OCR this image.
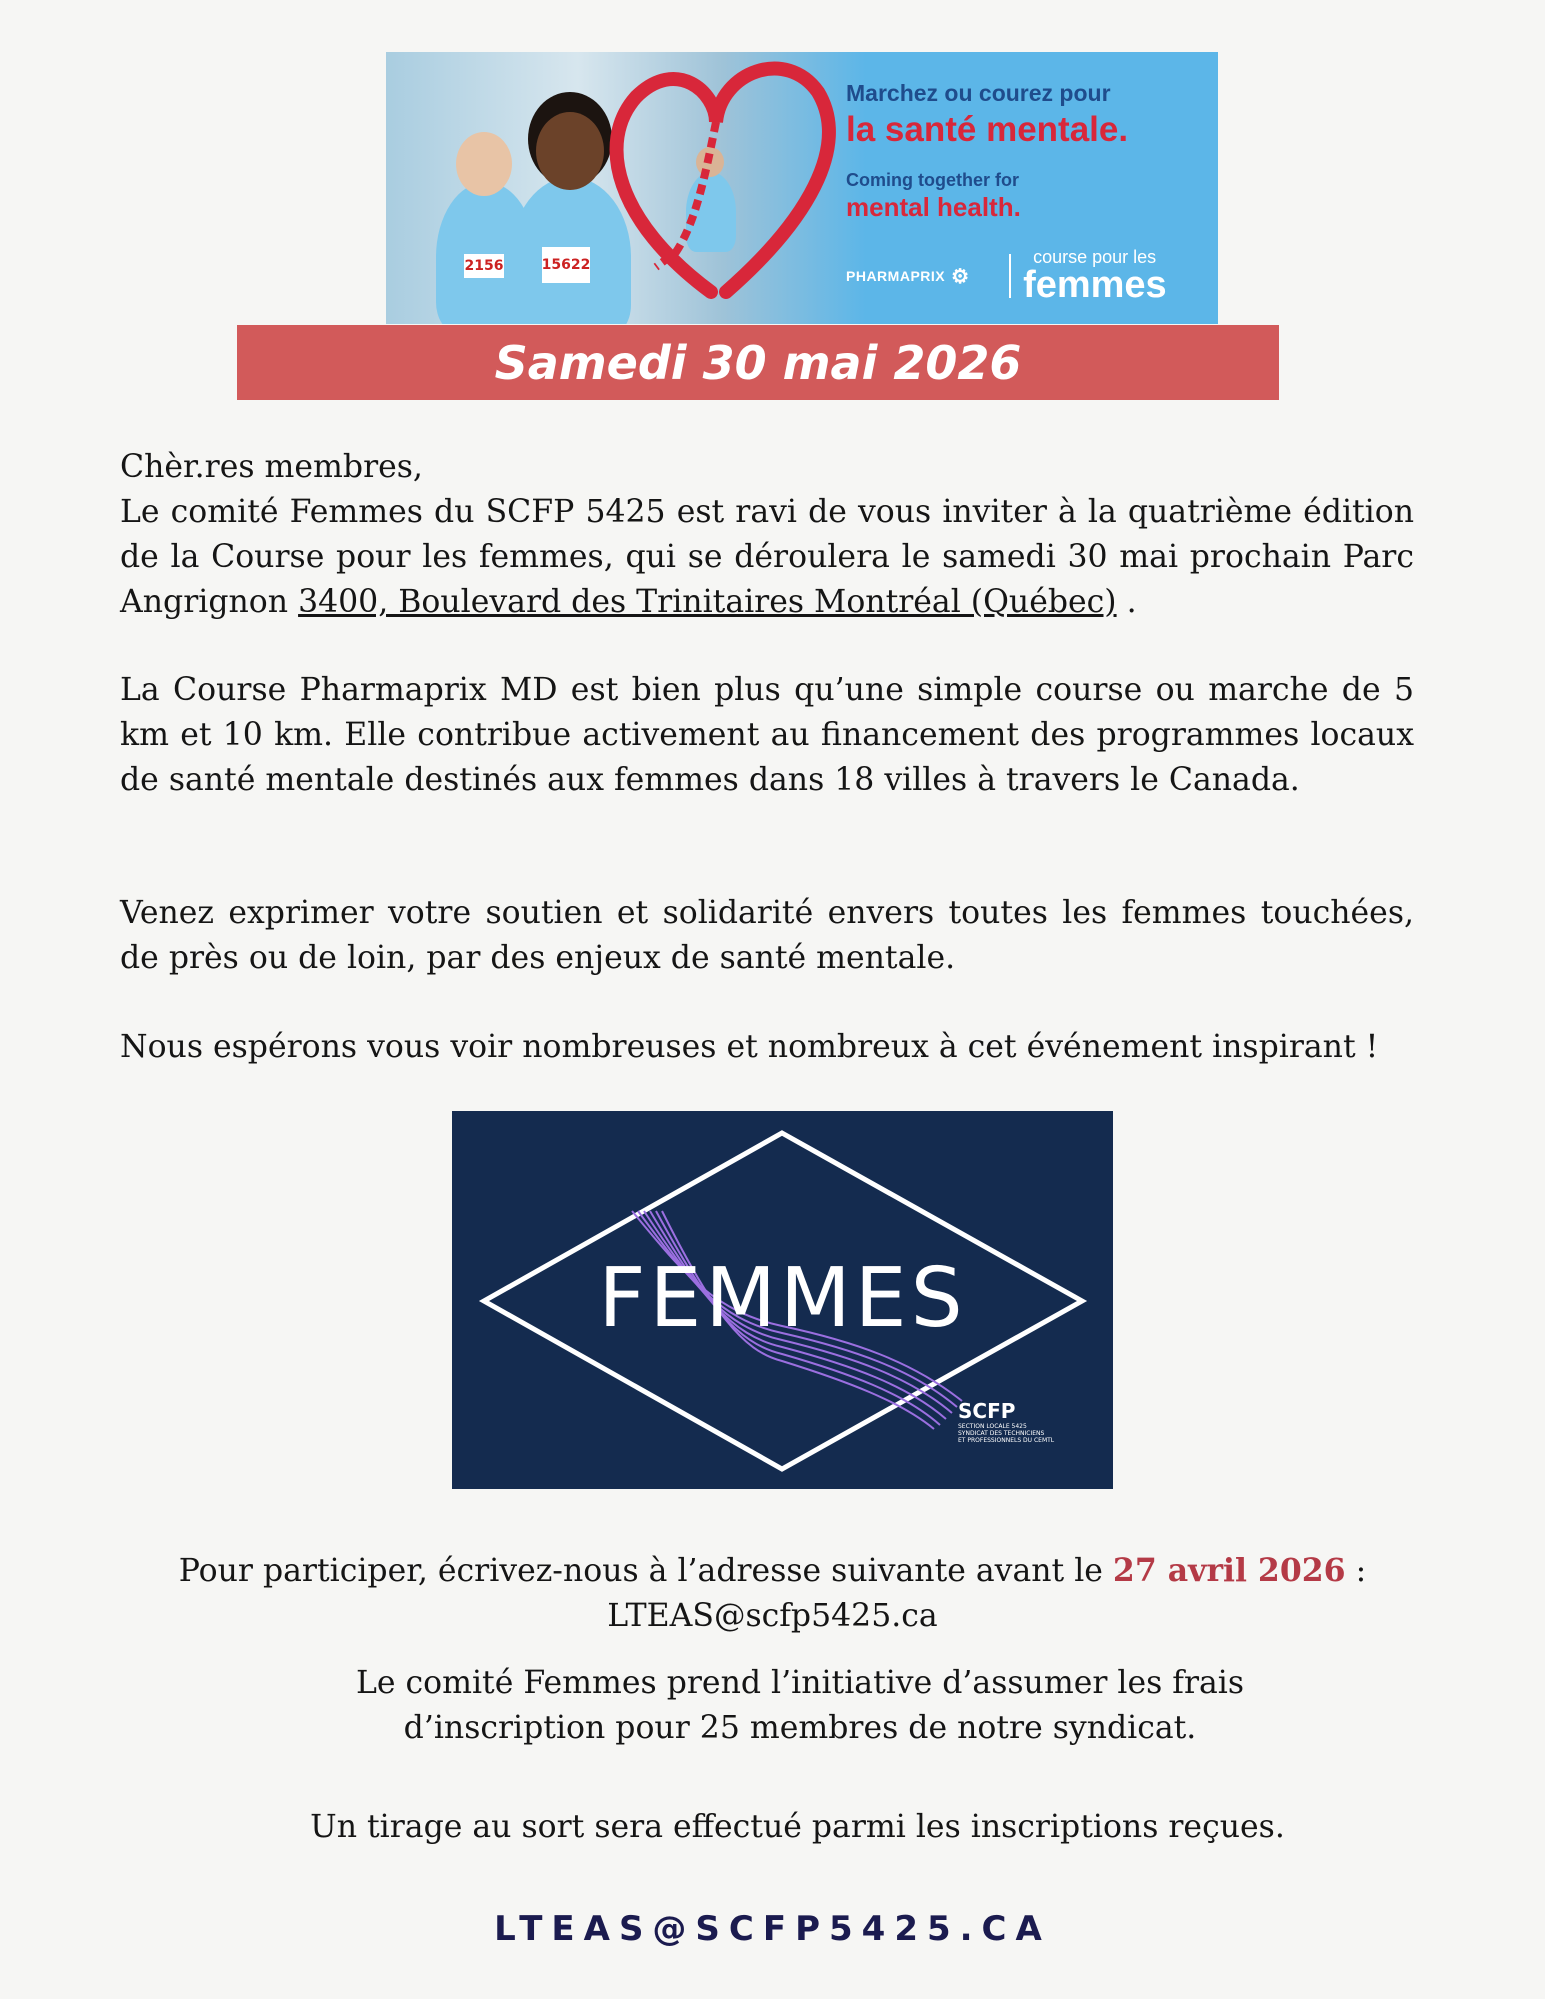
2156	15622
Marchez ou courez pour
la santé mentale.
Coming together for
mental health.
PHARMAPRIX ⚙
course pour les
femmes
Samedi 30 mai 2026

Chèr.res membres,

Le comité Femmes du SCFP 5425 est ravi de vous inviter à la quatrième édition de la Course pour les femmes, qui se déroulera le samedi 30 mai prochain Parc Angrignon 3400, Boulevard des Trinitaires Montréal (Québec) .

La Course Pharmaprix MD est bien plus qu’une simple course ou marche de 5 km et 10 km. Elle contribue activement au financement des programmes locaux de santé mentale destinés aux femmes dans 18 villes à travers le Canada.

Venez exprimer votre soutien et solidarité envers toutes les femmes touchées, de près ou de loin, par des enjeux de santé mentale.

Nous espérons vous voir nombreuses et nombreux à cet événement inspirant !

FEMMES
SCFP
SECTION LOCALE 5425
SYNDICAT DES TECHNICIENS
ET PROFESSIONNELS DU CEMTL
Pour participer, écrivez-nous à l’adresse suivante avant le 27 avril 2026 :
LTEAS@scfp5425.ca
Le comité Femmes prend l’initiative d’assumer les frais
d’inscription pour 25 membres de notre syndicat.
Un tirage au sort sera effectué parmi les inscriptions reçues.
LTEAS@SCFP5425.CA
